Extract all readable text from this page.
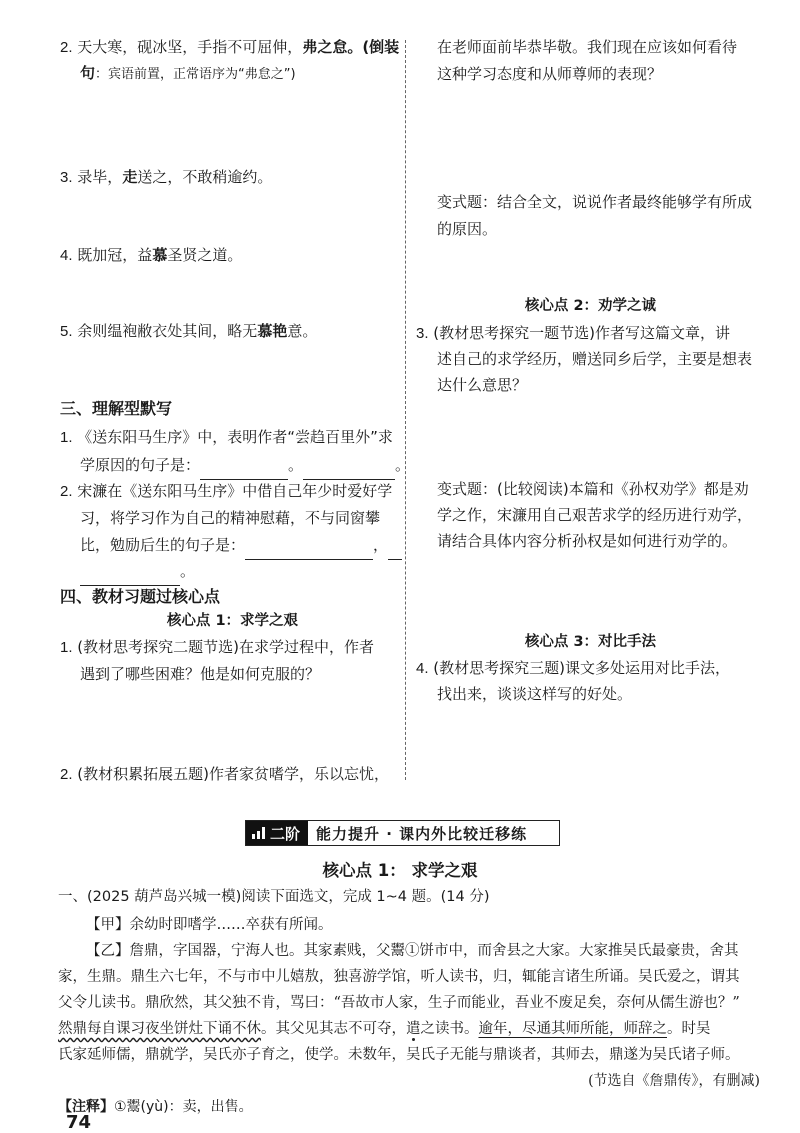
2. 天大寒，砚冰坚，手指不可屈伸，弗之怠。(倒装
句：宾语前置，正常语序为“弗怠之”)
3. 录毕，走送之，不敢稍逾约。
4. 既加冠，益慕圣贤之道。
5. 余则缊袍敝衣处其间，略无慕艳意。
三、理解型默写
1. 《送东阳马生序》中，表明作者“尝趋百里外”求
学原因的句子是：	。	。
2. 宋濂在《送东阳马生序》中借自己年少时爱好学
习，将学习作为自己的精神慰藉，不与同窗攀
比，勉励后生的句子是：	，
。
四、教材习题过核心点
核心点 1：求学之艰
1. (教材思考探究二题节选)在求学过程中，作者
遇到了哪些困难？他是如何克服的？
2. (教材积累拓展五题)作者家贫嗜学，乐以忘忧，
在老师面前毕恭毕敬。我们现在应该如何看待
这种学习态度和从师尊师的表现？
变式题：结合全文，说说作者最终能够学有所成
的原因。
核心点 2：劝学之诚
3. (教材思考探究一题节选)作者写这篇文章，讲
述自己的求学经历，赠送同乡后学，主要是想表
达什么意思？
变式题：(比较阅读)本篇和《孙权劝学》都是劝
学之作，宋濂用自己艰苦求学的经历进行劝学，
请结合具体内容分析孙权是如何进行劝学的。
核心点 3：对比手法
4. (教材思考探究三题)课文多处运用对比手法，
找出来，谈谈这样写的好处。
二阶	能力提升 · 课内外比较迁移练
核心点 1： 求学之艰
一、(2025 葫芦岛兴城一模)阅读下面选文，完成 1~4 题。(14 分)
【甲】余幼时即嗜学……卒获有所闻。
【乙】詹鼎，字国器，宁海人也。其家素贱，父鬻①饼市中，而舍县之大家。大家推吴氏最豪贵，舍其
家，生鼎。鼎生六七年，不与市中儿嬉敖，独喜游学馆，听人读书，归，辄能言诸生所诵。吴氏爱之，谓其
父令儿读书。鼎欣然，其父独不肯，骂曰：“吾故市人家，生子而能业，吾业不废足矣，奈何从儒生游也？”
然鼎每自课习夜坐饼灶下诵不休。其父见其志不可夺，遣之读书。逾年，尽通其师所能，师辞之。时吴
氏家延师儒，鼎就学，吴氏亦子育之，使学。未数年，吴氏子无能与鼎谈者，其师去，鼎遂为吴氏诸子师。
(节选自《詹鼎传》，有删减)
【注释】①鬻(yù)：卖，出售。
74
